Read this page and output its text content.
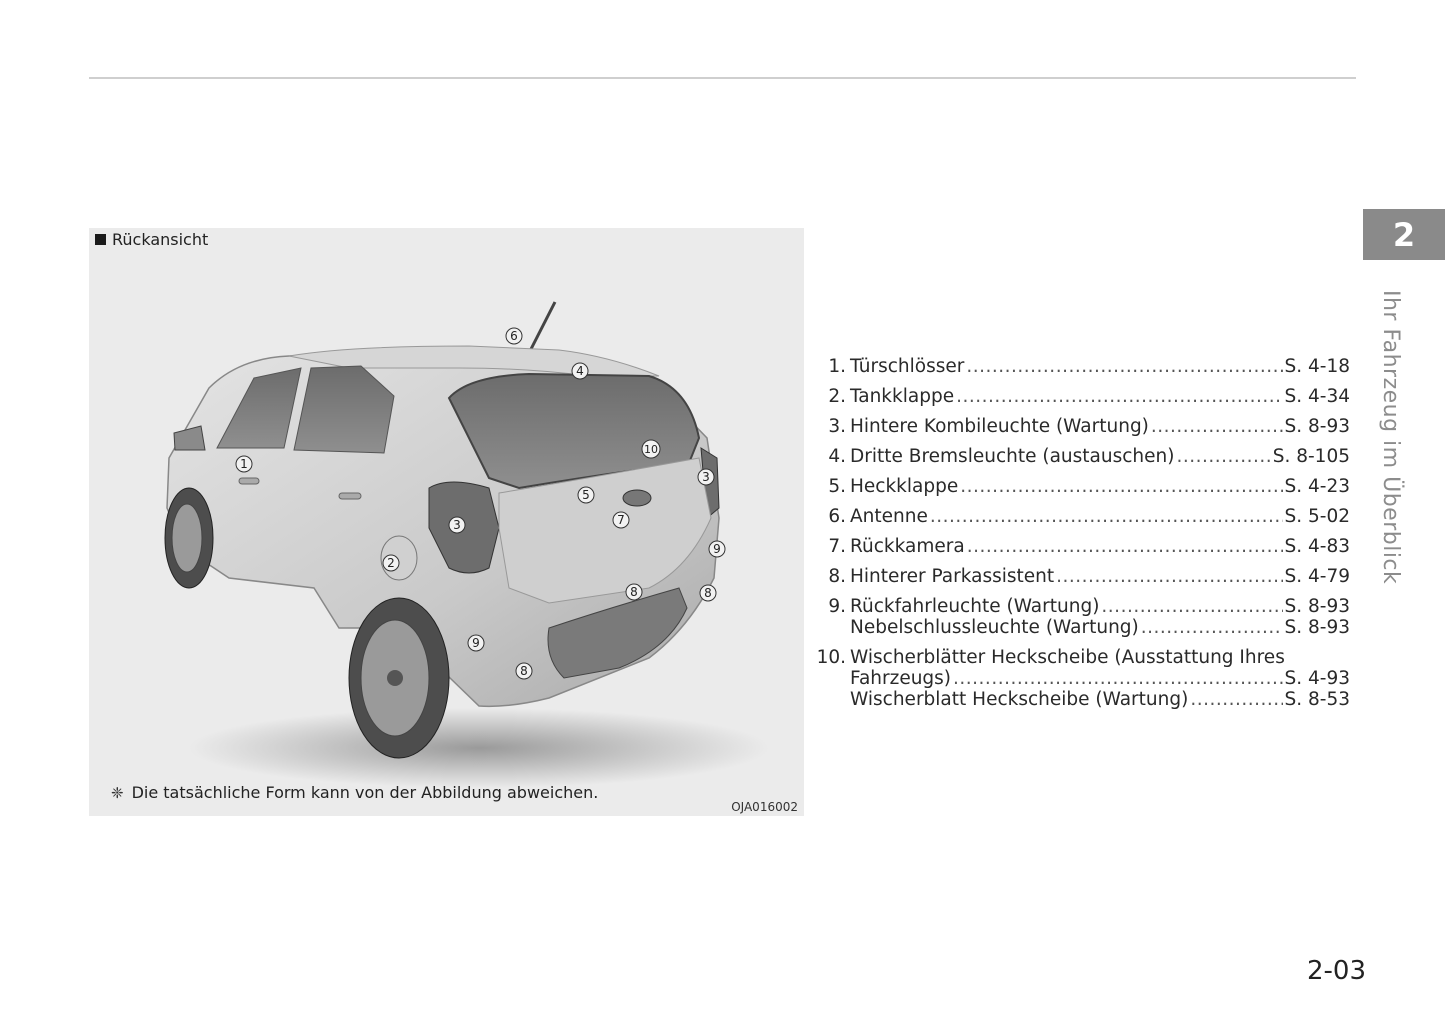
Rückansicht
1
2
3
3
4
5
6
7
8	8
8
9
9
10
❈ Die tatsächliche Form kann von der Abbildung abweichen.
OJA016002
2
Ihr Fahrzeug im Überblick
1. Türschlösser .....	S. 4-18
2. Tankklappe .....	S. 4-34
3. Hintere Kombileuchte (Wartung) .....	S. 8-93
4. Dritte Bremsleuchte (austauschen) .....	S. 8-105
5. Heckklappe .....	S. 4-23
6. Antenne .....	S. 5-02
7. Rückkamera .....	S. 4-83
8. Hinterer Parkassistent .....	S. 4-79
9. Rückfahrleuchte (Wartung) .....	S. 8-93
Nebelschlussleuchte (Wartung) .....	S. 8-93
10. Wischerblätter Heckscheibe (Ausstattung Ihres
Fahrzeugs) .....	S. 4-93
Wischerblatt Heckscheibe (Wartung) .....	S. 8-53
2-03
